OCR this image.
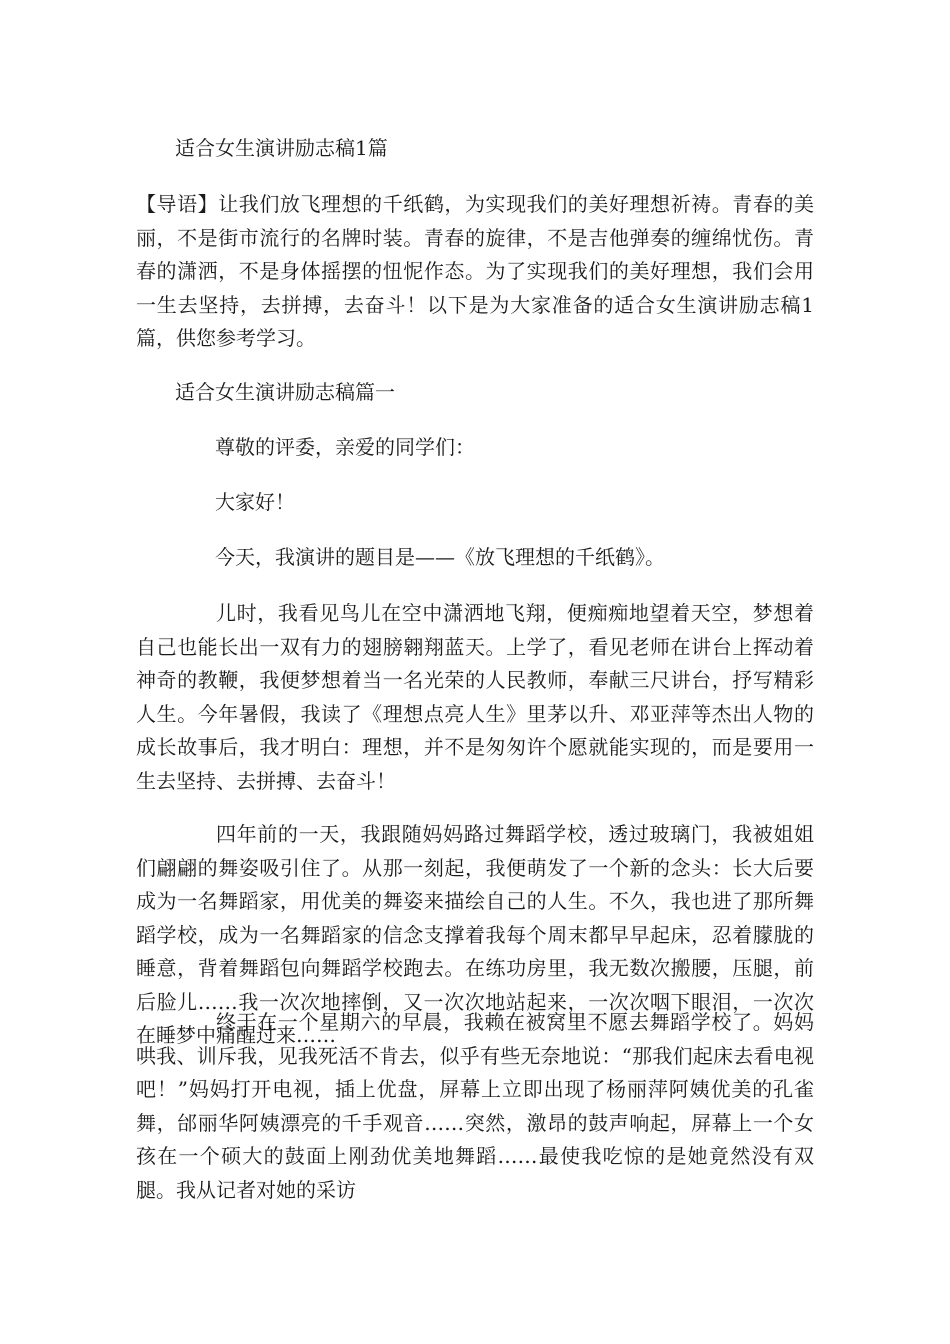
适合女生演讲励志稿1篇

【导语】让我们放飞理想的千纸鹤，为实现我们的美好理想祈祷。青春的美丽，不是街市流行的名牌时装。青春的旋律，不是吉他弹奏的缠绵忧伤。青春的潇洒，不是身体摇摆的忸怩作态。为了实现我们的美好理想，我们会用一生去坚持，去拼搏，去奋斗！以下是为大家准备的适合女生演讲励志稿1篇，供您参考学习。

适合女生演讲励志稿篇一

尊敬的评委，亲爱的同学们：

大家好！

今天，我演讲的题目是——《放飞理想的千纸鹤》。

儿时，我看见鸟儿在空中潇洒地飞翔，便痴痴地望着天空，梦想着自己也能长出一双有力的翅膀翱翔蓝天。上学了，看见老师在讲台上挥动着神奇的教鞭，我便梦想着当一名光荣的人民教师，奉献三尺讲台，抒写精彩人生。今年暑假，我读了《理想点亮人生》里茅以升、邓亚萍等杰出人物的成长故事后，我才明白：理想，并不是匆匆许个愿就能实现的，而是要用一生去坚持、去拼搏、去奋斗！

四年前的一天，我跟随妈妈路过舞蹈学校，透过玻璃门，我被姐姐们翩翩的舞姿吸引住了。从那一刻起，我便萌发了一个新的念头：长大后要成为一名舞蹈家，用优美的舞姿来描绘自己的人生。不久，我也进了那所舞蹈学校，成为一名舞蹈家的信念支撑着我每个周末都早早起床，忍着朦胧的睡意，背着舞蹈包向舞蹈学校跑去。在练功房里，我无数次搬腰，压腿，前后脸儿……我一次次地摔倒，又一次次地站起来，一次次咽下眼泪，一次次在睡梦中痛醒过来……

终于在一个星期六的早晨，我赖在被窝里不愿去舞蹈学校了。妈妈哄我、训斥我，见我死活不肯去，似乎有些无奈地说：“那我们起床去看电视吧！”妈妈打开电视，插上优盘，屏幕上立即出现了杨丽萍阿姨优美的孔雀舞，邰丽华阿姨漂亮的千手观音……突然，激昂的鼓声响起，屏幕上一个女孩在一个硕大的鼓面上刚劲优美地舞蹈……最使我吃惊的是她竟然没有双腿。我从记者对她的采访
